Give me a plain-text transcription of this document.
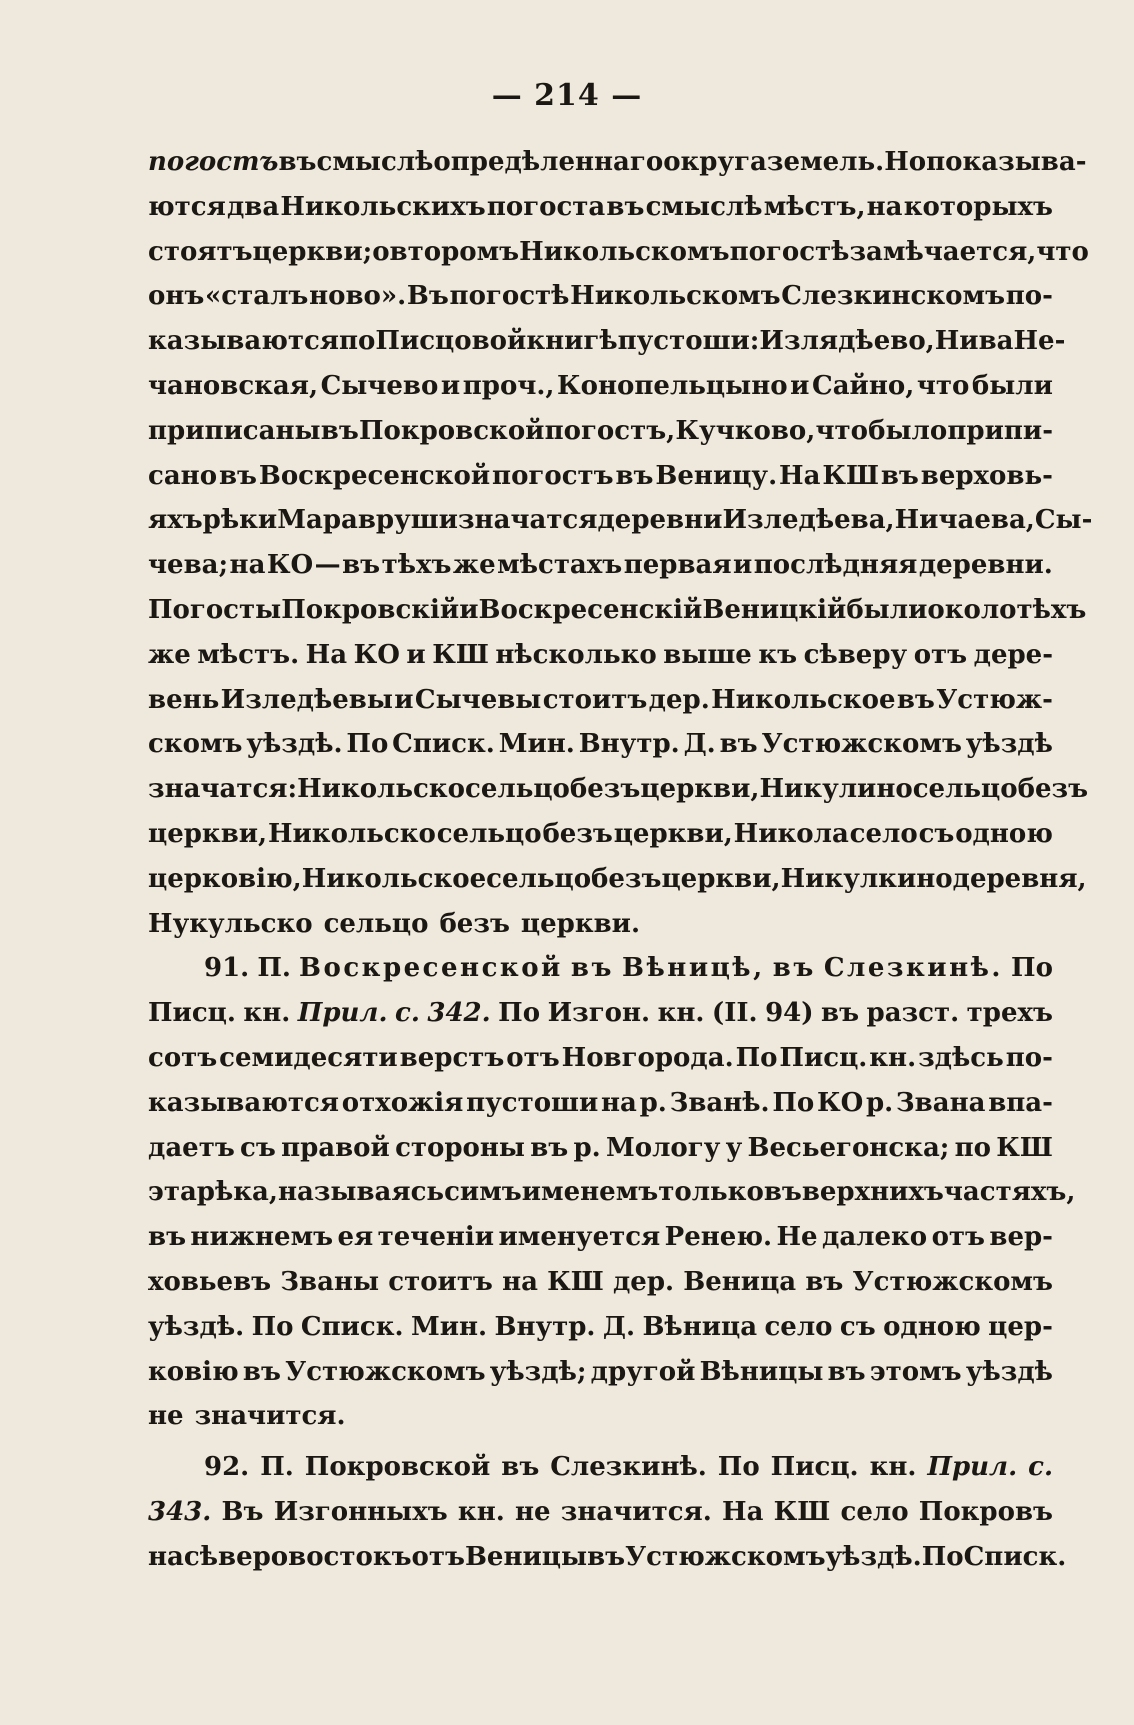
— 214 —
погостъ въ смыслѣ опредѣленнаго округа земель. Но показыва-
ются два Никольскихъ погоста въ смыслѣ мѣстъ, на которыхъ
стоятъ церкви; о второмъ Никольскомъ погостѣ замѣчается, что
онъ «сталъ ново». Въ погостѣ Никольскомъ Слезкинскомъ по-
казываются по Писцовой книгѣ пустоши: Излядѣево, Нива Не-
чановская, Сычево и проч., Конопельцыно и Сайно, что были
приписаны въ Покровской погостъ, Кучково, что было припи-
сано въ Воскресенской погостъ въ Веницу. На КШ въ верховь-
яхъ рѣки Маравруши значатся деревни Изледѣева, Ничаева, Сы-
чева; на КО — въ тѣхъ же мѣстахъ первая и послѣдняя деревни.
Погосты Покровскій и Воскресенскій Веницкій были около тѣхъ
же мѣстъ. На КО и КШ нѣсколько выше къ сѣверу отъ дере-
вень Изледѣевы и Сычевы стоитъ дер. Никольское въ Устюж-
скомъ уѣздѣ. По Списк. Мин. Внутр. Д. въ Устюжскомъ уѣздѣ
значатся: Никольско сельцо безъ церкви, Никулино сельцо безъ
церкви, Никольско сельцо безъ церкви, Никола село съ одною
церковію, Никольское сельцо безъ церкви, Никулкино деревня,
Нукульско сельцо безъ церкви.
91. П. Воскресенской въ Вѣницѣ, въ Слезкинѣ. По
Писц. кн. Прил. с. 342. По Изгон. кн. (II. 94) въ разст. трехъ
сотъ семидесяти верстъ отъ Новгорода. По Писц. кн. здѣсь по-
казываются отхожія пустоши на р. Званѣ. По КО р. Звана впа-
даетъ съ правой стороны въ р. Мологу у Весьегонска; по КШ
эта рѣка, называясь симъ именемъ только въ верхнихъ частяхъ,
въ нижнемъ ея теченіи именуется Ренею. Не далеко отъ вер-
ховьевъ Званы стоитъ на КШ дер. Веница въ Устюжскомъ
уѣздѣ. По Списк. Мин. Внутр. Д. Вѣница село съ одною цер-
ковію въ Устюжскомъ уѣздѣ; другой Вѣницы въ этомъ уѣздѣ
не значится.
92. П. Покровской въ Слезкинѣ. По Писц. кн. Прил. с.
343. Въ Изгонныхъ кн. не значится. На КШ село Покровъ
на сѣверовостокъ отъ Веницы въ Устюжскомъ уѣздѣ. По Списк.
